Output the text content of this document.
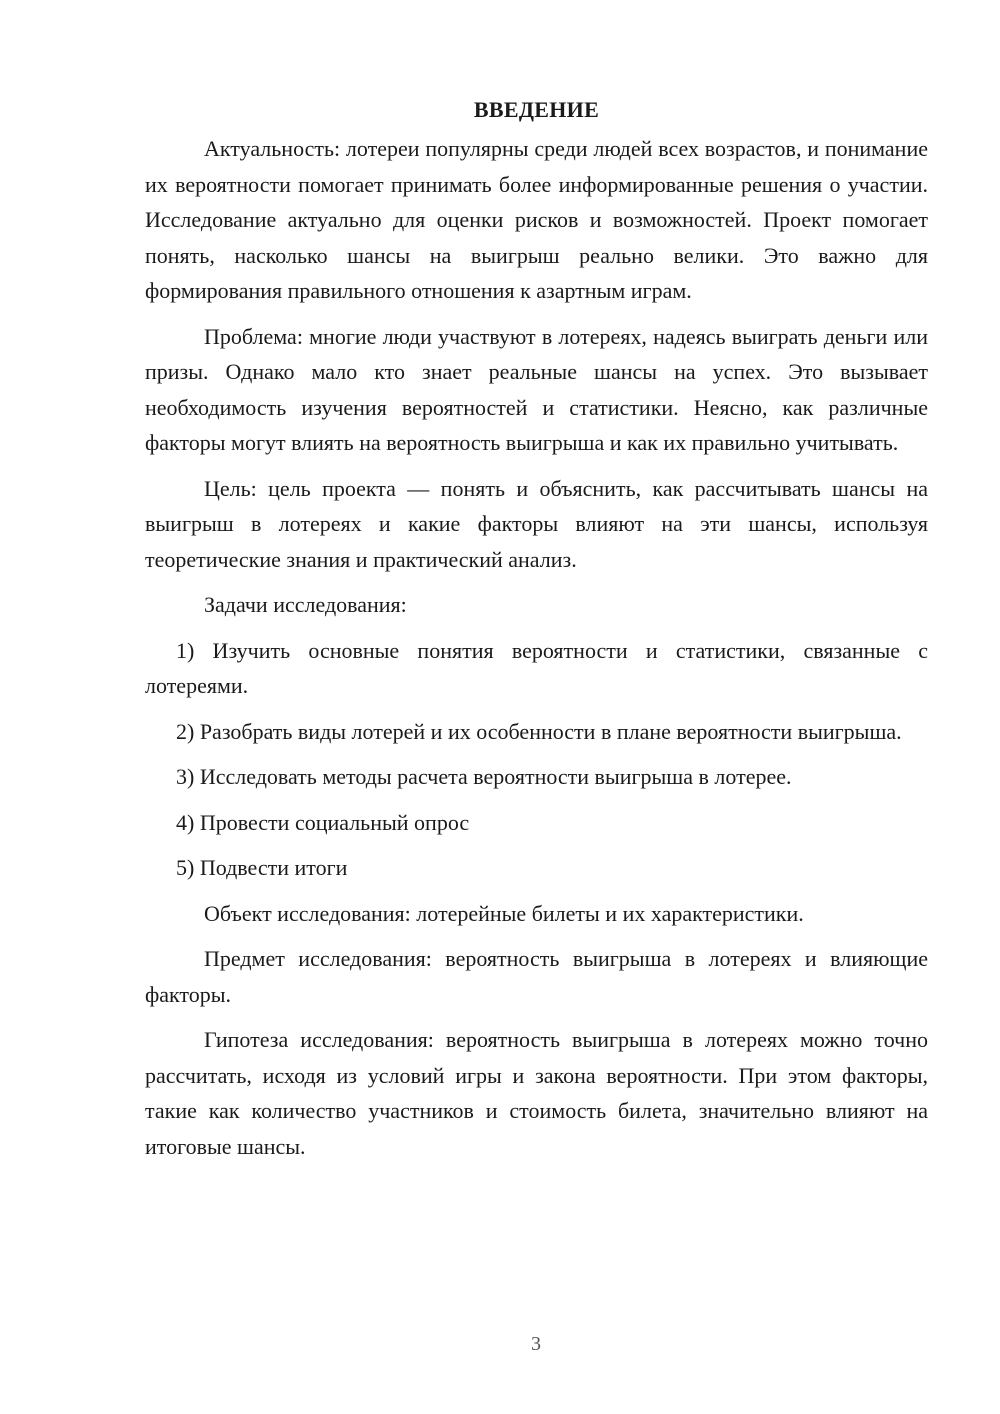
ВВЕДЕНИЕ

Актуальность: лотереи популярны среди людей всех возрастов, и понимание их вероятности помогает принимать более информированные решения о участии. Исследование актуально для оценки рисков и возможностей. Проект помогает понять, насколько шансы на выигрыш реально велики. Это важно для формирования правильного отношения к азартным играм.

Проблема: многие люди участвуют в лотереях, надеясь выиграть деньги или призы. Однако мало кто знает реальные шансы на успех. Это вызывает необходимость изучения вероятностей и статистики. Неясно, как различные факторы могут влиять на вероятность выигрыша и как их правильно учитывать.

Цель: цель проекта — понять и объяснить, как рассчитывать шансы на выигрыш в лотереях и какие факторы влияют на эти шансы, используя теоретические знания и практический анализ.

Задачи исследования:

1) Изучить основные понятия вероятности и статистики, связанные с лотереями.

2) Разобрать виды лотерей и их особенности в плане вероятности выигрыша.

3) Исследовать методы расчета вероятности выигрыша в лотерее.

4) Провести социальный опрос

5) Подвести итоги

Объект исследования: лотерейные билеты и их характеристики.

Предмет исследования: вероятность выигрыша в лотереях и влияющие факторы.

Гипотеза исследования: вероятность выигрыша в лотереях можно точно рассчитать, исходя из условий игры и закона вероятности. При этом факторы, такие как количество участников и стоимость билета, значительно влияют на итоговые шансы.

3
